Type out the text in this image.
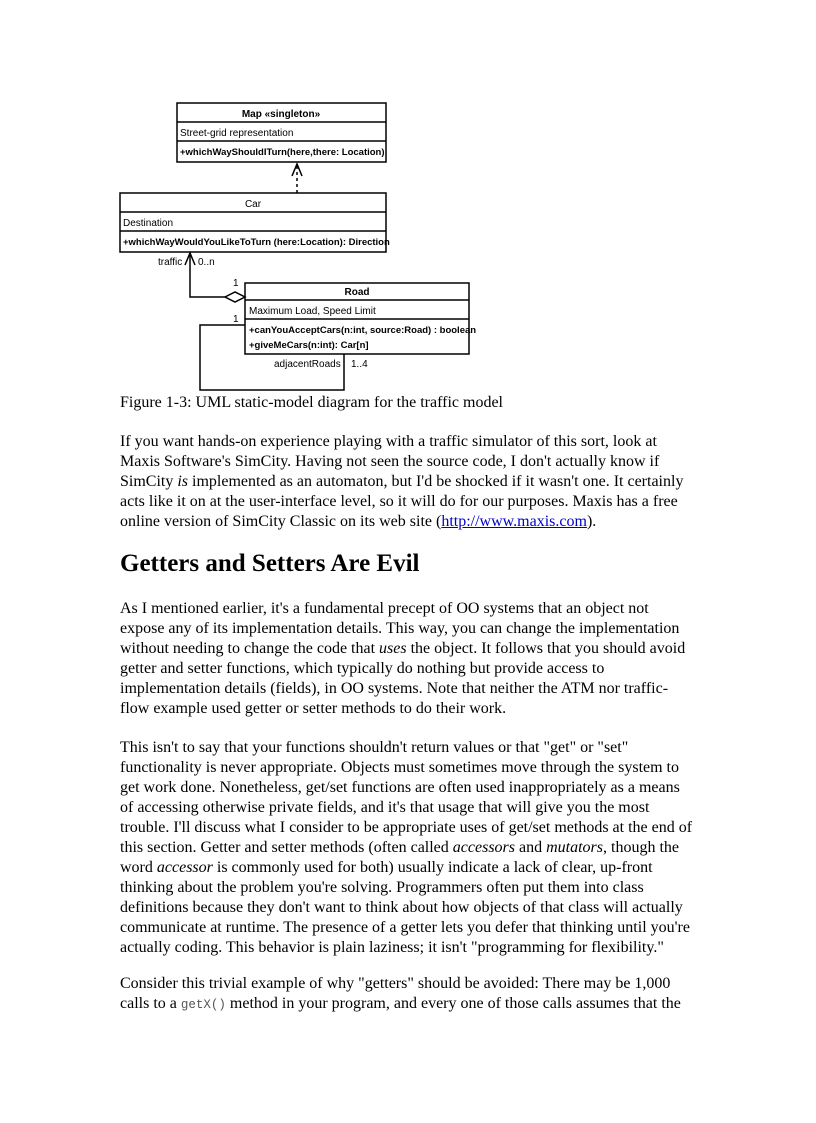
Map «singleton»
Street-grid representation
+whichWayShouldITurn(here,there: Location)
Car
Destination
+whichWayWouldYouLikeToTurn (here:Location): Direction
Road
Maximum Load, Speed Limit
+canYouAcceptCars(n:int, source:Road) : boolean
+giveMeCars(n:int): Car[n]
traffic 0..n
1
1
adjacentRoads 1..4
Figure 1-3: UML static-model diagram for the traffic model

If you want hands-on experience playing with a traffic simulator of this sort, look at
Maxis Software's SimCity. Having not seen the source code, I don't actually know if
SimCity is implemented as an automaton, but I'd be shocked if it wasn't one. It certainly
acts like it on at the user-interface level, so it will do for our purposes. Maxis has a free
online version of SimCity Classic on its web site (http://www.maxis.com).

Getters and Setters Are Evil

As I mentioned earlier, it's a fundamental precept of OO systems that an object not
expose any of its implementation details. This way, you can change the implementation
without needing to change the code that uses the object. It follows that you should avoid
getter and setter functions, which typically do nothing but provide access to
implementation details (fields), in OO systems. Note that neither the ATM nor traffic-
flow example used getter or setter methods to do their work.

This isn't to say that your functions shouldn't return values or that "get" or "set"
functionality is never appropriate. Objects must sometimes move through the system to
get work done. Nonetheless, get/set functions are often used inappropriately as a means
of accessing otherwise private fields, and it's that usage that will give you the most
trouble. I'll discuss what I consider to be appropriate uses of get/set methods at the end of
this section. Getter and setter methods (often called accessors and mutators, though the
word accessor is commonly used for both) usually indicate a lack of clear, up-front
thinking about the problem you're solving. Programmers often put them into class
definitions because they don't want to think about how objects of that class will actually
communicate at runtime. The presence of a getter lets you defer that thinking until you're
actually coding. This behavior is plain laziness; it isn't "programming for flexibility."

Consider this trivial example of why "getters" should be avoided: There may be 1,000
calls to a getX() method in your program, and every one of those calls assumes that the
